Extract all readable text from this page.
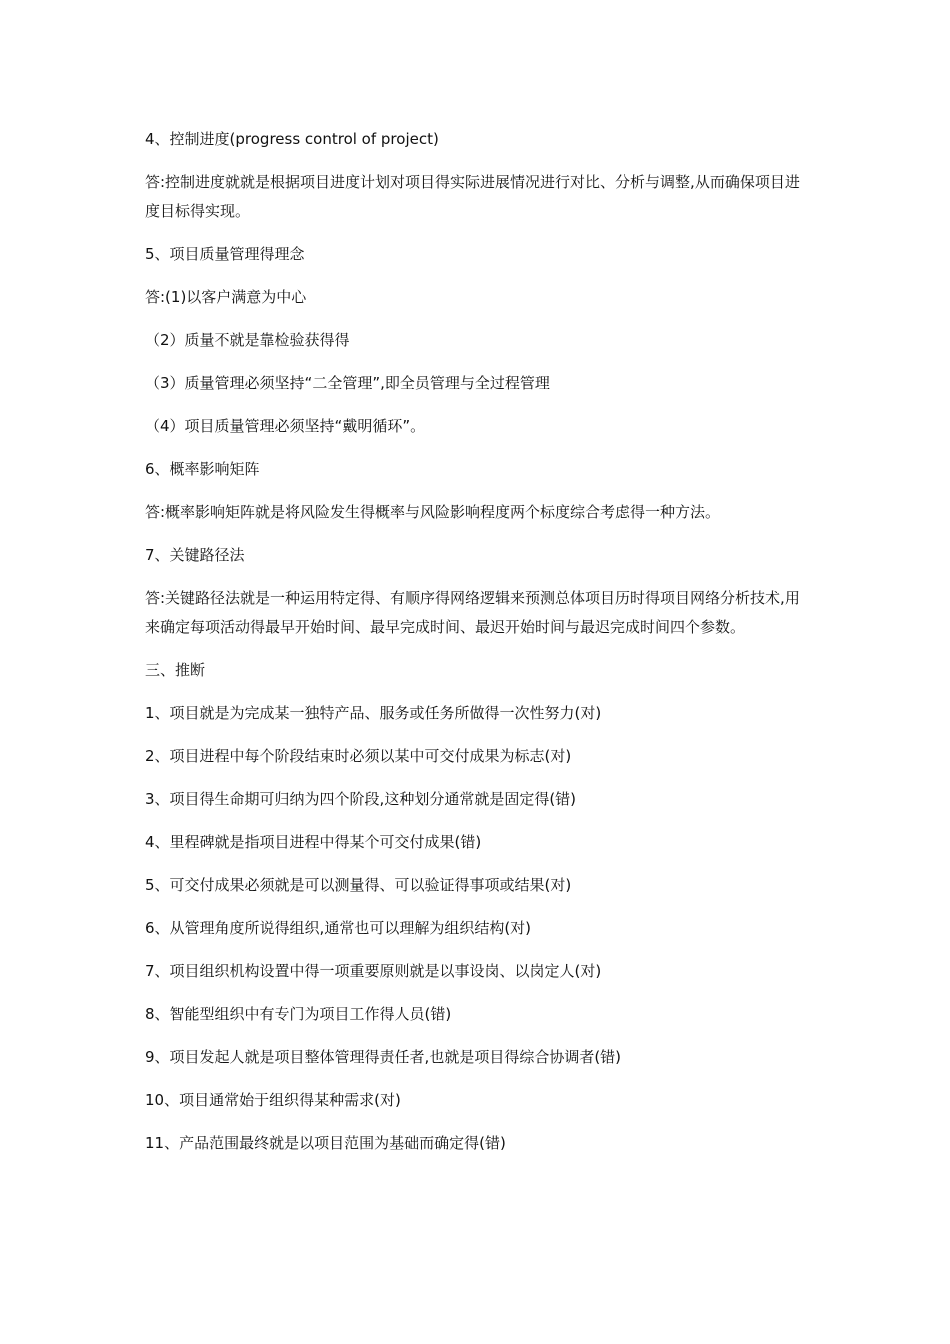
4、控制进度(progress control of project)

答:控制进度就就是根据项目进度计划对项目得实际进展情况进行对比、分析与调整,从而确保项目进度目标得实现。

5、项目质量管理得理念

答:(1)以客户满意为中心

（2）质量不就是靠检验获得得

（3）质量管理必须坚持“二全管理”,即全员管理与全过程管理

（4）项目质量管理必须坚持“戴明循环”。

6、概率影响矩阵

答:概率影响矩阵就是将风险发生得概率与风险影响程度两个标度综合考虑得一种方法。

7、关键路径法

答:关键路径法就是一种运用特定得、有顺序得网络逻辑来预测总体项目历时得项目网络分析技术,用来确定每项活动得最早开始时间、最早完成时间、最迟开始时间与最迟完成时间四个参数。

三、推断

1、项目就是为完成某一独特产品、服务或任务所做得一次性努力(对)

2、项目进程中每个阶段结束时必须以某中可交付成果为标志(对)

3、项目得生命期可归纳为四个阶段,这种划分通常就是固定得(错)

4、里程碑就是指项目进程中得某个可交付成果(错)

5、可交付成果必须就是可以测量得、可以验证得事项或结果(对)

6、从管理角度所说得组织,通常也可以理解为组织结构(对)

7、项目组织机构设置中得一项重要原则就是以事设岗、以岗定人(对)

8、智能型组织中有专门为项目工作得人员(错)

9、项目发起人就是项目整体管理得责任者,也就是项目得综合协调者(错)

10、项目通常始于组织得某种需求(对)

11、产品范围最终就是以项目范围为基础而确定得(错)
